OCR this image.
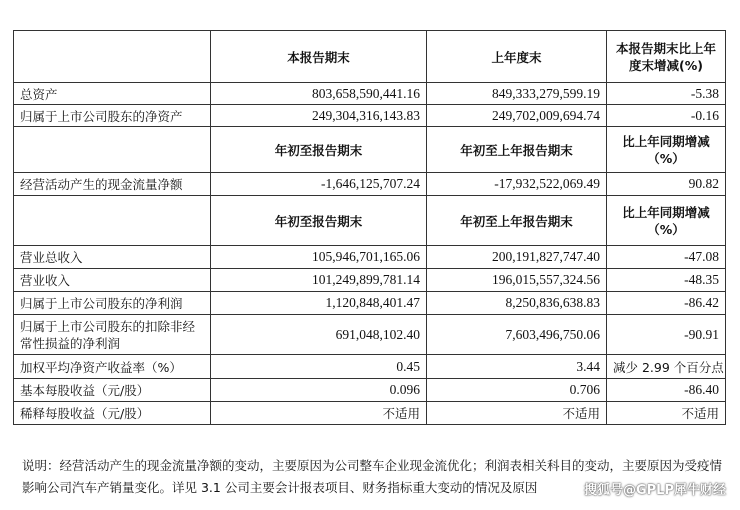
	本报告期末	上年度末	本报告期末比上年度末增减(%)
总资产	803,658,590,441.16	849,333,279,599.19	-5.38
归属于上市公司股东的净资产	249,304,316,143.83	249,702,009,694.74	-0.16
	年初至报告期末	年初至上年报告期末	比上年同期增减（%）
经营活动产生的现金流量净额	-1,646,125,707.24	-17,932,522,069.49	90.82
	年初至报告期末	年初至上年报告期末	比上年同期增减（%）
营业总收入	105,946,701,165.06	200,191,827,747.40	-47.08
营业收入	101,249,899,781.14	196,015,557,324.56	-48.35
归属于上市公司股东的净利润	1,120,848,401.47	8,250,836,638.83	-86.42
归属于上市公司股东的扣除非经常性损益的净利润	691,048,102.40	7,603,496,750.06	-90.91
加权平均净资产收益率（%）	0.45	3.44	减少 2.99 个百分点
基本每股收益（元/股）	0.096	0.706	-86.40
稀释每股收益（元/股）	不适用	不适用	不适用
说明：经营活动产生的现金流量净额的变动，主要原因为公司整车企业现金流优化；利润表相关科目的变动，主要原因为受疫情影响公司汽车产销量变化。详见 3.1 公司主要会计报表项目、财务指标重大变动的情况及原因	搜狐号@GPLP犀牛财经
